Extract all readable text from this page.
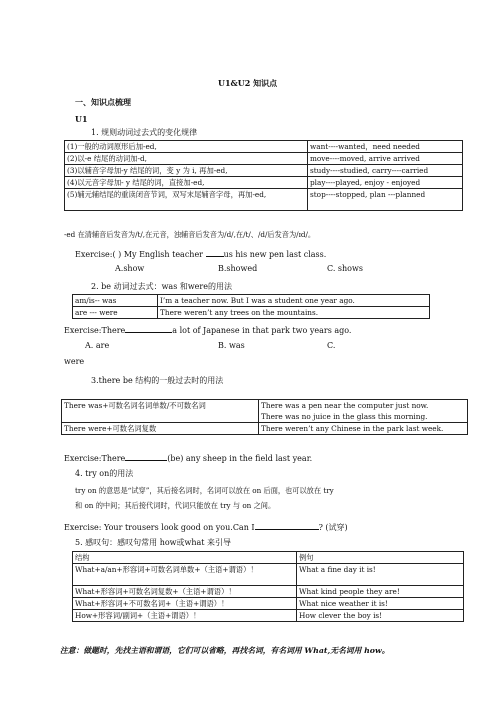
U1&U2 知识点
一、知识点梳理
U1
1. 规则动词过去式的变化规律
(1)一般的动词原形后加-ed,	want----wanted，need needed
(2)以-e 结尾的动词加-d,	move----moved, arrive arrived
(3)以辅音字母加-y 结尾的词，变 y 为 i, 再加-ed,	study----studied, carry----carried
(4)以元音字母加- y 结尾的词，直接加-ed,	play----played, enjoy - enjoyed
(5)辅元辅结尾的重读闭音节词，双写末尾辅音字母，再加-ed,	stop----stopped, plan ---planned
-ed 在清辅音后发音为/t/,在元音，浊辅音后发音为/d/,在/t/、/d/后发音为/ɪd/。
Exercise:( ) My English teacher us his new pen last class.
A.show	B.showed	C. shows
2. be 动词过去式：was 和were的用法
am/is-- was	I’m a teacher now. But I was a student one year ago.
are --- were	There weren’t any trees on the mountains.
Exercise:There	a lot of Japanese in that park two years ago.
A. are	B. was	C.
were
3.there be 结构的一般过去时的用法
There was+可数名词名词单数/不可数名词	There was a pen near the computer just now.
	There was no juice in the glass this morning.
There were+可数名词复数	There weren’t any Chinese in the park last week.
Exercise:There	(be) any sheep in the field last year.
4. try on的用法
try on 的意思是“试穿”，其后接名词时，名词可以放在 on 后面，也可以放在 try
和 on 的中间；其后接代词时，代词只能放在 try 与 on 之间。
Exercise: Your trousers look good on you.Can I	? (试穿)
5. 感叹句：感叹句常用 how或what 来引导
结构	例句
What+a/an+形容词+可数名词单数+（主语+谓语）！	What a fine day it is!
What+形容词+可数名词复数+（主语+谓语）！	What kind people they are!
What+形容词+不可数名词+（主语+谓语）！	What nice weather it is!
How+形容词/副词+（主语+谓语）！	How clever the boy is!
注意：做题时，先找主语和谓语，它们可以省略，再找名词，有名词用 What,无名词用 how。
